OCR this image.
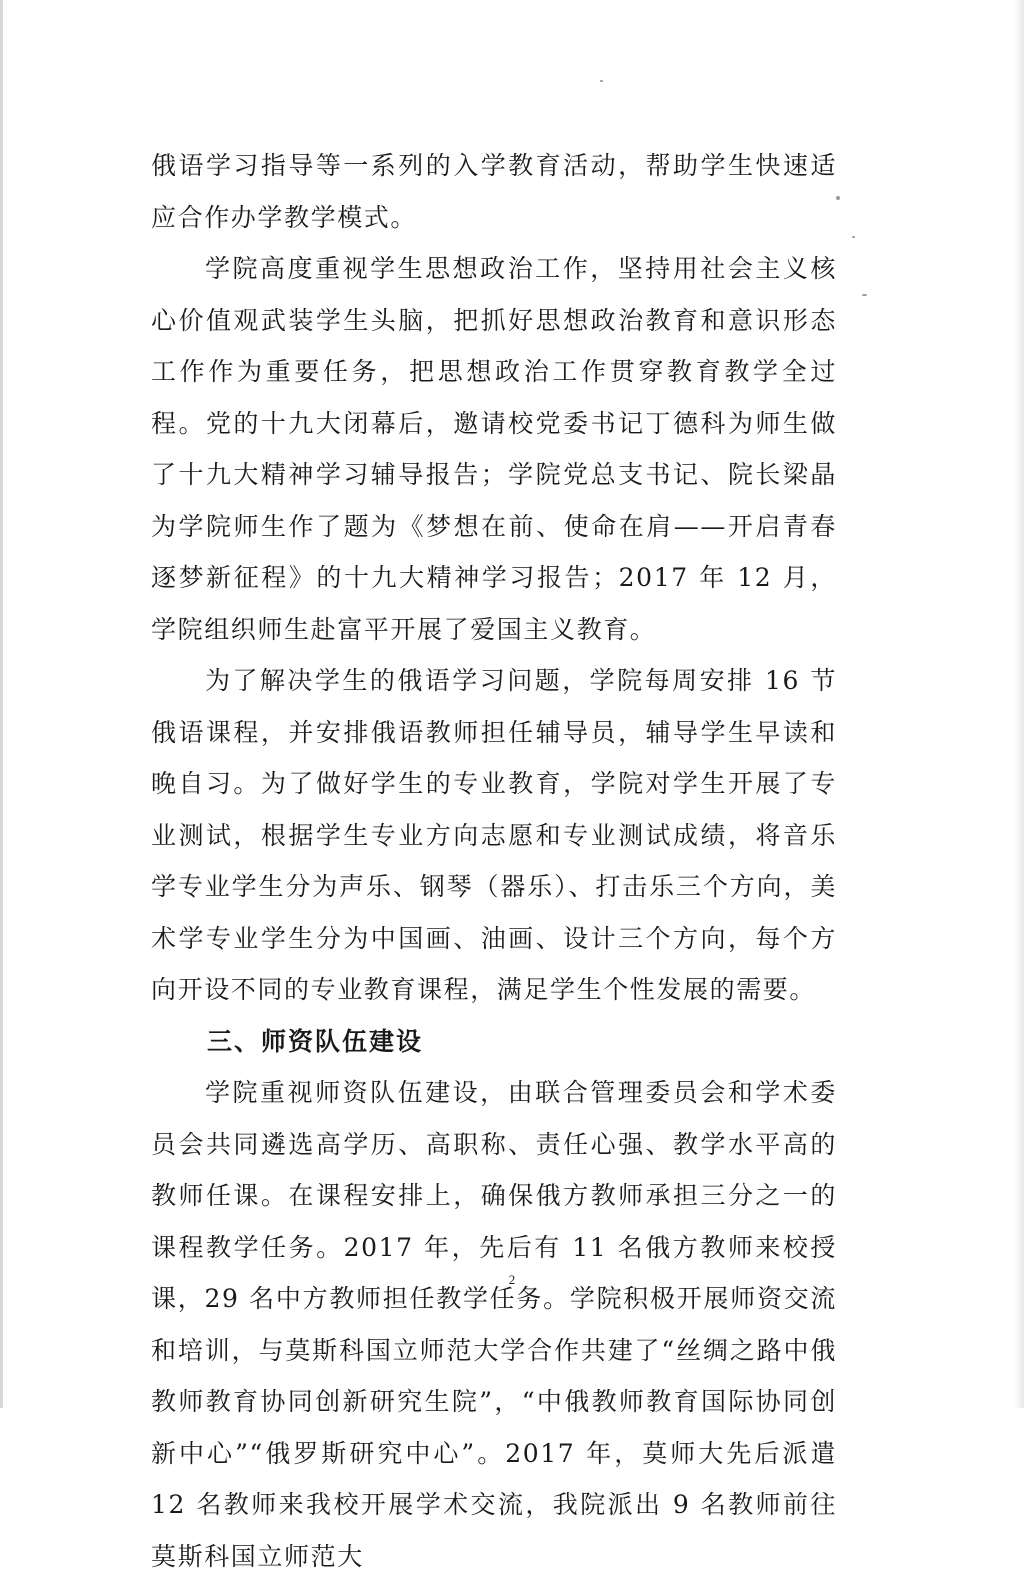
俄语学习指导等一系列的入学教育活动，帮助学生快速适应合作办学教学模式。

学院高度重视学生思想政治工作，坚持用社会主义核心价值观武装学生头脑，把抓好思想政治教育和意识形态工作作为重要任务，把思想政治工作贯穿教育教学全过程。党的十九大闭幕后，邀请校党委书记丁德科为师生做了十九大精神学习辅导报告；学院党总支书记、院长梁晶为学院师生作了题为《梦想在前、使命在肩——开启青春逐梦新征程》的十九大精神学习报告；2017 年 12 月，学院组织师生赴富平开展了爱国主义教育。

为了解决学生的俄语学习问题，学院每周安排 16 节俄语课程，并安排俄语教师担任辅导员，辅导学生早读和晚自习。为了做好学生的专业教育，学院对学生开展了专业测试，根据学生专业方向志愿和专业测试成绩，将音乐学专业学生分为声乐、钢琴（器乐）、打击乐三个方向，美术学专业学生分为中国画、油画、设计三个方向，每个方向开设不同的专业教育课程，满足学生个性发展的需要。

三、师资队伍建设

学院重视师资队伍建设，由联合管理委员会和学术委员会共同遴选高学历、高职称、责任心强、教学水平高的教师任课。在课程安排上，确保俄方教师承担三分之一的课程教学任务。2017 年，先后有 11 名俄方教师来校授课，29 名中方教师担任教学任务。学院积极开展师资交流和培训，与莫斯科国立师范大学合作共建了“丝绸之路中俄教师教育协同创新研究生院”，“中俄教师教育国际协同创新中心”“俄罗斯研究中心”。2017 年，莫师大先后派遣 12 名教师来我校开展学术交流，我院派出 9 名教师前往莫斯科国立师范大

2
